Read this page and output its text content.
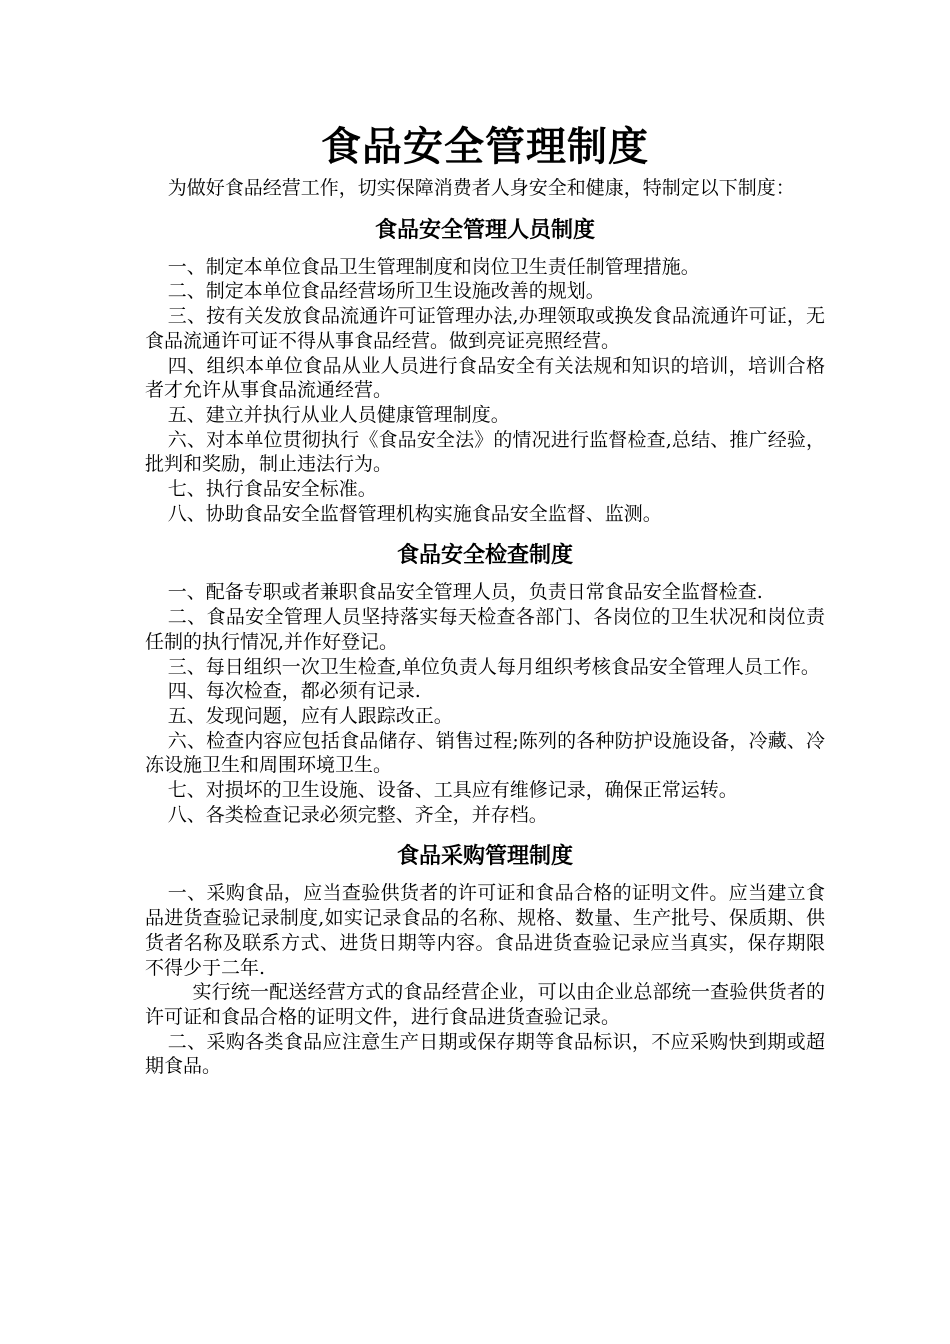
食品安全管理制度

为做好食品经营工作，切实保障消费者人身安全和健康，特制定以下制度：

食品安全管理人员制度

一、制定本单位食品卫生管理制度和岗位卫生责任制管理措施。

二、制定本单位食品经营场所卫生设施改善的规划。

三、按有关发放食品流通许可证管理办法,办理领取或换发食品流通许可证，无食品流通许可证不得从事食品经营。做到亮证亮照经营。

四、组织本单位食品从业人员进行食品安全有关法规和知识的培训，培训合格者才允许从事食品流通经营。

五、建立并执行从业人员健康管理制度。

六、对本单位贯彻执行《食品安全法》的情况进行监督检查,总结、推广经验，批判和奖励，制止违法行为。

七、执行食品安全标准。

八、协助食品安全监督管理机构实施食品安全监督、监测。

食品安全检查制度

一、配备专职或者兼职食品安全管理人员，负责日常食品安全监督检查.

二、食品安全管理人员坚持落实每天检查各部门、各岗位的卫生状况和岗位责任制的执行情况,并作好登记。

三、每日组织一次卫生检查,单位负责人每月组织考核食品安全管理人员工作。

四、每次检查，都必须有记录.

五、发现问题，应有人跟踪改正。

六、检查内容应包括食品储存、销售过程;陈列的各种防护设施设备，冷藏、冷冻设施卫生和周围环境卫生。

七、对损坏的卫生设施、设备、工具应有维修记录，确保正常运转。

八、各类检查记录必须完整、齐全，并存档。

食品采购管理制度

一、采购食品，应当查验供货者的许可证和食品合格的证明文件。应当建立食品进货查验记录制度,如实记录食品的名称、规格、数量、生产批号、保质期、供货者名称及联系方式、进货日期等内容。食品进货查验记录应当真实，保存期限不得少于二年.

实行统一配送经营方式的食品经营企业，可以由企业总部统一查验供货者的许可证和食品合格的证明文件，进行食品进货查验记录。

二、采购各类食品应注意生产日期或保存期等食品标识，不应采购快到期或超期食品。
